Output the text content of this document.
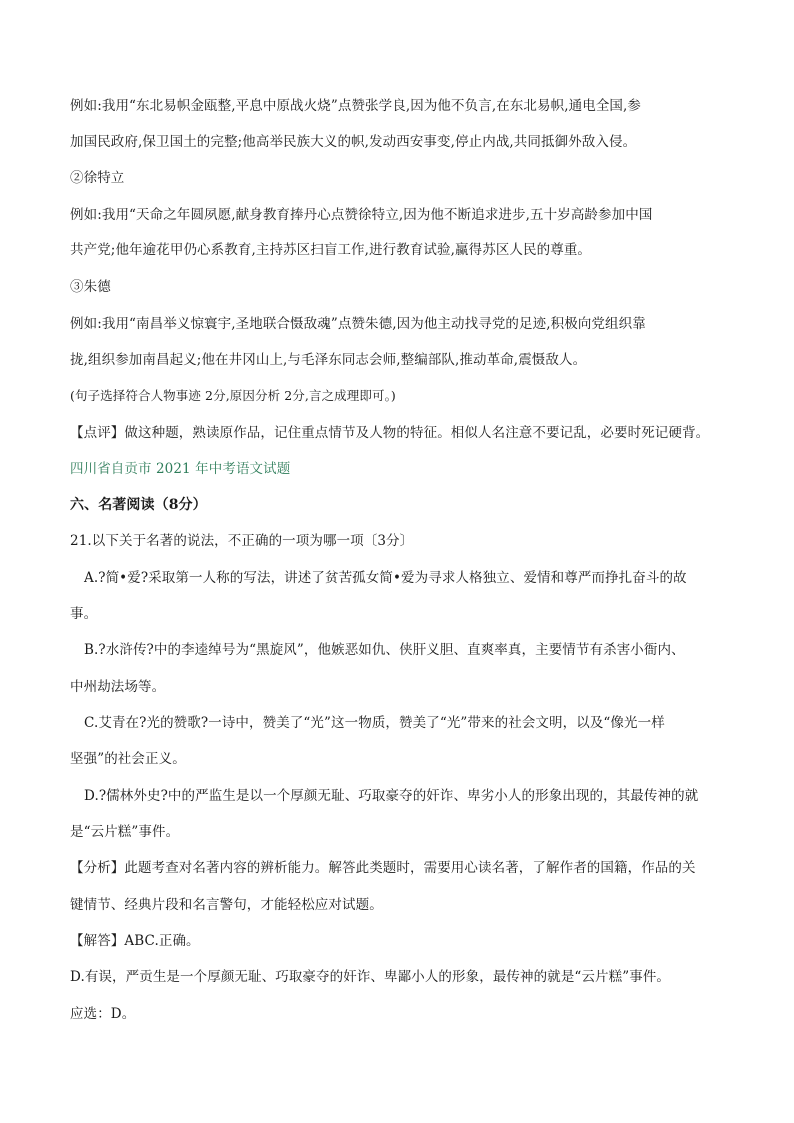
例如:我用“东北易帜金瓯整,平息中原战火烧”点赞张学良,因为他不负言,在东北易帜,通电全国,参
加国民政府,保卫国土的完整;他高举民族大义的帜,发动西安事变,停止内战,共同抵御外敌入侵。
②徐特立
例如:我用“天命之年圆夙愿,献身教育捧丹心点赞徐特立,因为他不断追求进步,五十岁高龄参加中国
共产党;他年逾花甲仍心系教育,主持苏区扫盲工作,进行教育试验,赢得苏区人民的尊重。
③朱德
例如:我用“南昌举义惊寰宇,圣地联合慑敌魂”点赞朱德,因为他主动找寻党的足迹,积极向党组织靠
拢,组织参加南昌起义;他在井冈山上,与毛泽东同志会师,整编部队,推动革命,震慑敌人。
(句子选择符合人物事迹 2分,原因分析 2分,言之成理即可。)
【点评】做这种题，熟读原作品，记住重点情节及人物的特征。相似人名注意不要记乱，必要时死记硬背。
四川省自贡市 2021 年中考语文试题
六、名著阅读（8分）
21.以下关于名著的说法，不正确的一项为哪一项〔3分〕
A.?简•爱?采取第一人称的写法，讲述了贫苦孤女简•爱为寻求人格独立、爱情和尊严而挣扎奋斗的故
事。
B.?水浒传?中的李逵绰号为“黑旋风”，他嫉恶如仇、侠肝义胆、直爽率真，主要情节有杀害小衙内、
中州劫法场等。
C.艾青在?光的赞歌?一诗中，赞美了“光”这一物质，赞美了“光”带来的社会文明，以及“像光一样
坚强”的社会正义。
D.?儒林外史?中的严监生是以一个厚颜无耻、巧取豪夺的奸诈、卑劣小人的形象出现的，其最传神的就
是“云片糕”事件。
【分析】此题考查对名著内容的辨析能力。解答此类题时，需要用心读名著，了解作者的国籍，作品的关
键情节、经典片段和名言警句，才能轻松应对试题。
【解答】ABC.正确。
D.有误，严贡生是一个厚颜无耻、巧取豪夺的奸诈、卑鄙小人的形象，最传神的就是“云片糕”事件。
应选：D。
